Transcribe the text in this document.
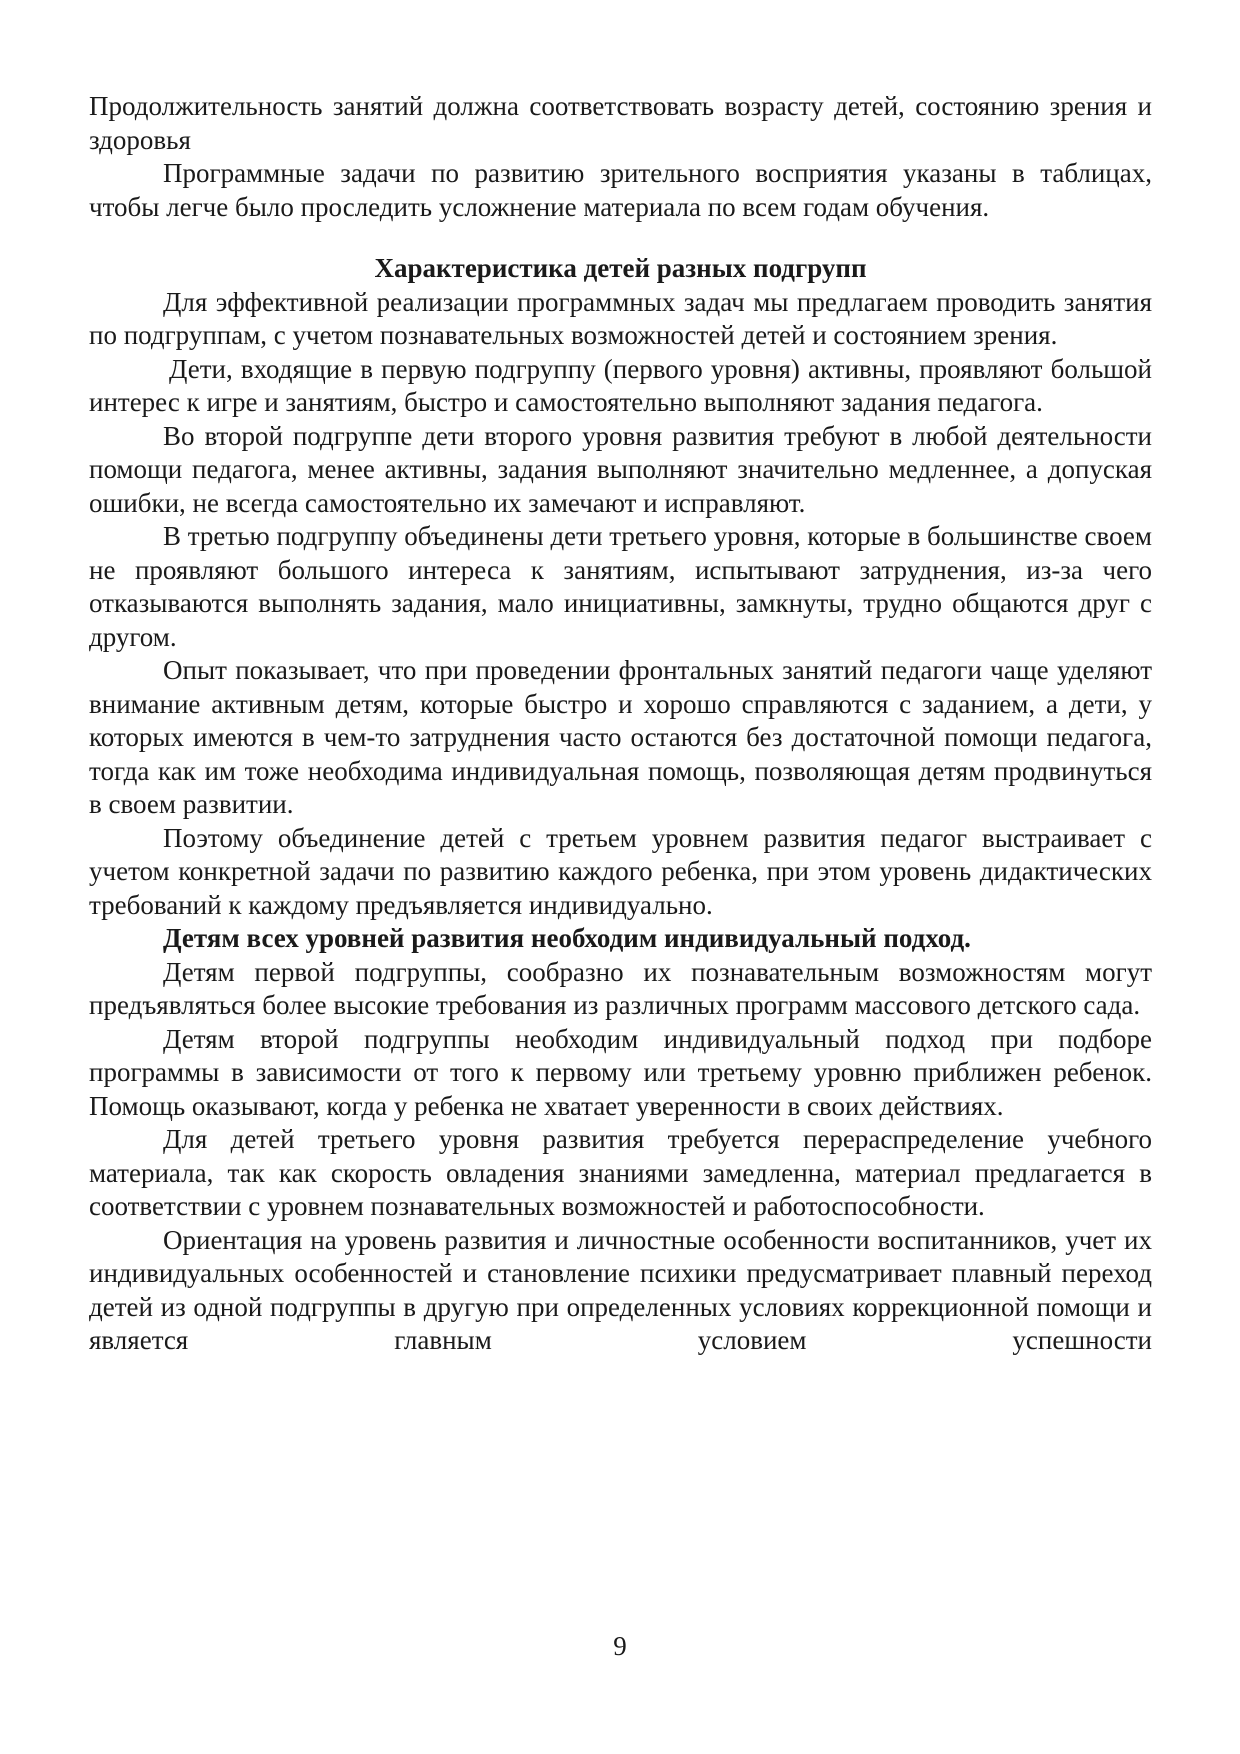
Продолжительность занятий должна соответствовать возрасту детей, состоянию зрения и здоровья

Программные задачи по развитию зрительного восприятия указаны в таблицах, чтобы легче было проследить усложнение материала по всем годам обучения.

Характеристика детей разных подгрупп

Для эффективной реализации программных задач мы предлагаем проводить занятия по подгруппам, с учетом познавательных возможностей детей и состоянием зрения.

Дети, входящие в первую подгруппу (первого уровня) активны, проявляют большой интерес к игре и занятиям, быстро и самостоятельно выполняют задания педагога.

Во второй подгруппе дети второго уровня развития требуют в любой деятельности помощи педагога, менее активны, задания выполняют значительно медленнее, а допуская ошибки, не всегда самостоятельно их замечают и исправляют.

В третью подгруппу объединены дети третьего уровня, которые в большинстве своем не проявляют большого интереса к занятиям, испытывают затруднения, из-за чего отказываются выполнять задания, мало инициативны, замкнуты, трудно общаются друг с другом.

Опыт показывает, что при проведении фронтальных занятий педагоги чаще уделяют внимание активным детям, которые быстро и хорошо справляются с заданием, а дети, у которых имеются в чем-то затруднения часто остаются без достаточной помощи педагога, тогда как им тоже необходима индивидуальная помощь, позволяющая детям продвинуться в своем развитии.

Поэтому объединение детей с третьем уровнем развития педагог выстраивает с учетом конкретной задачи по развитию каждого ребенка, при этом уровень дидактических требований к каждому предъявляется индивидуально.

Детям всех уровней развития необходим индивидуальный подход.

Детям первой подгруппы, сообразно их познавательным возможностям могут предъявляться более высокие требования из различных программ массового детского сада.

Детям второй подгруппы необходим индивидуальный подход при подборе программы в зависимости от того к первому или третьему уровню приближен ребенок. Помощь оказывают, когда у ребенка не хватает уверенности в своих действиях.

Для детей третьего уровня развития требуется перераспределение учебного материала, так как скорость овладения знаниями замедленна, материал предлагается в соответствии с уровнем познавательных возможностей и работоспособности.

Ориентация на уровень развития и личностные особенности воспитанников, учет их индивидуальных особенностей и становление психики предусматривает плавный переход детей из одной подгруппы в другую при определенных условиях коррекционной помощи и является главным условием успешности

9
